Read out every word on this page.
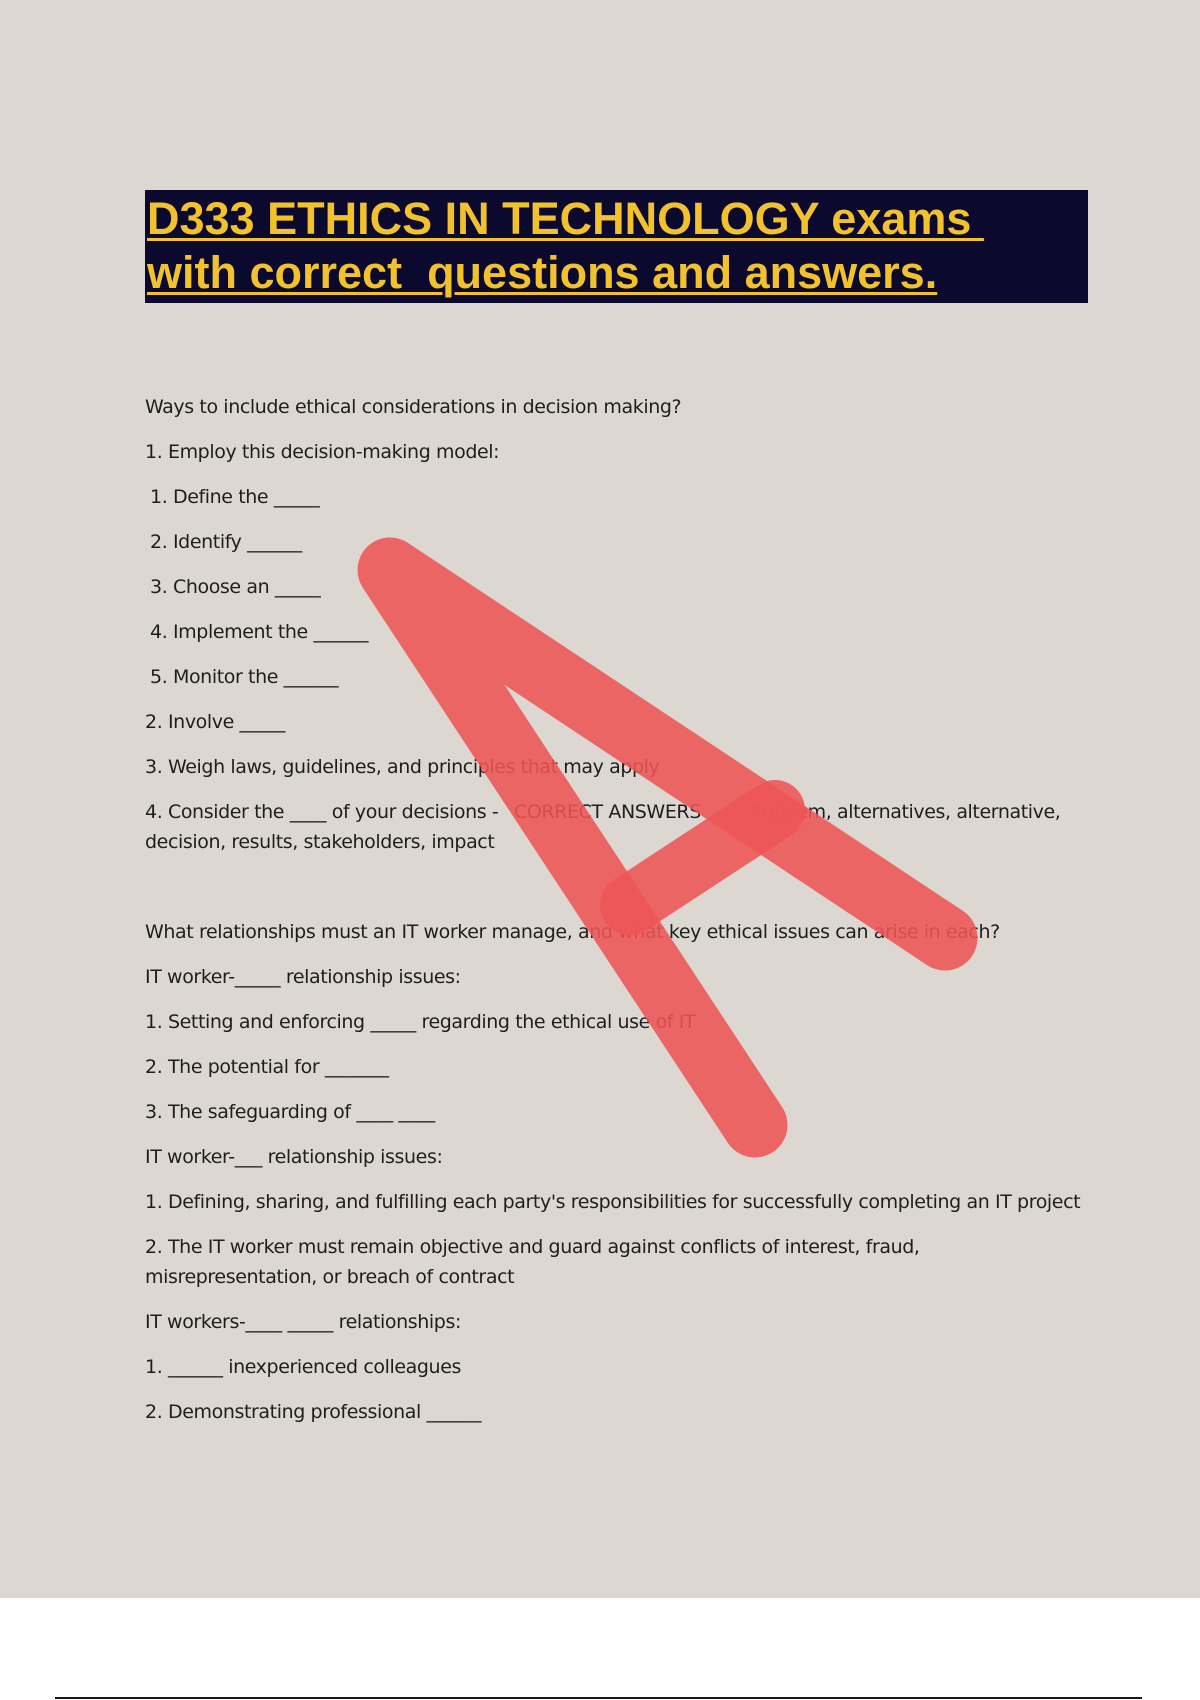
D333 ETHICS IN TECHNOLOGY exams
with correct  questions and answers.

Ways to include ethical considerations in decision making?

1. Employ this decision-making model:

1. Define the _____

2. Identify ______

3. Choose an _____

4. Implement the ______

5. Monitor the ______

2. Involve _____

3. Weigh laws, guidelines, and principles that may apply

4. Consider the ____ of your decisions - CORRECT ANSWERS	Problem, alternatives, alternative,
decision, results, stakeholders, impact

What relationships must an IT worker manage, and what key ethical issues can arise in each?

IT worker-_____ relationship issues:

1. Setting and enforcing _____ regarding the ethical use of IT

2. The potential for _______

3. The safeguarding of ____ ____

IT worker-___ relationship issues:

1. Defining, sharing, and fulfilling each party's responsibilities for successfully completing an IT project

2. The IT worker must remain objective and guard against conflicts of interest, fraud, misrepresentation, or breach of contract

IT workers-____ _____ relationships:

1. ______ inexperienced colleagues

2. Demonstrating professional ______
